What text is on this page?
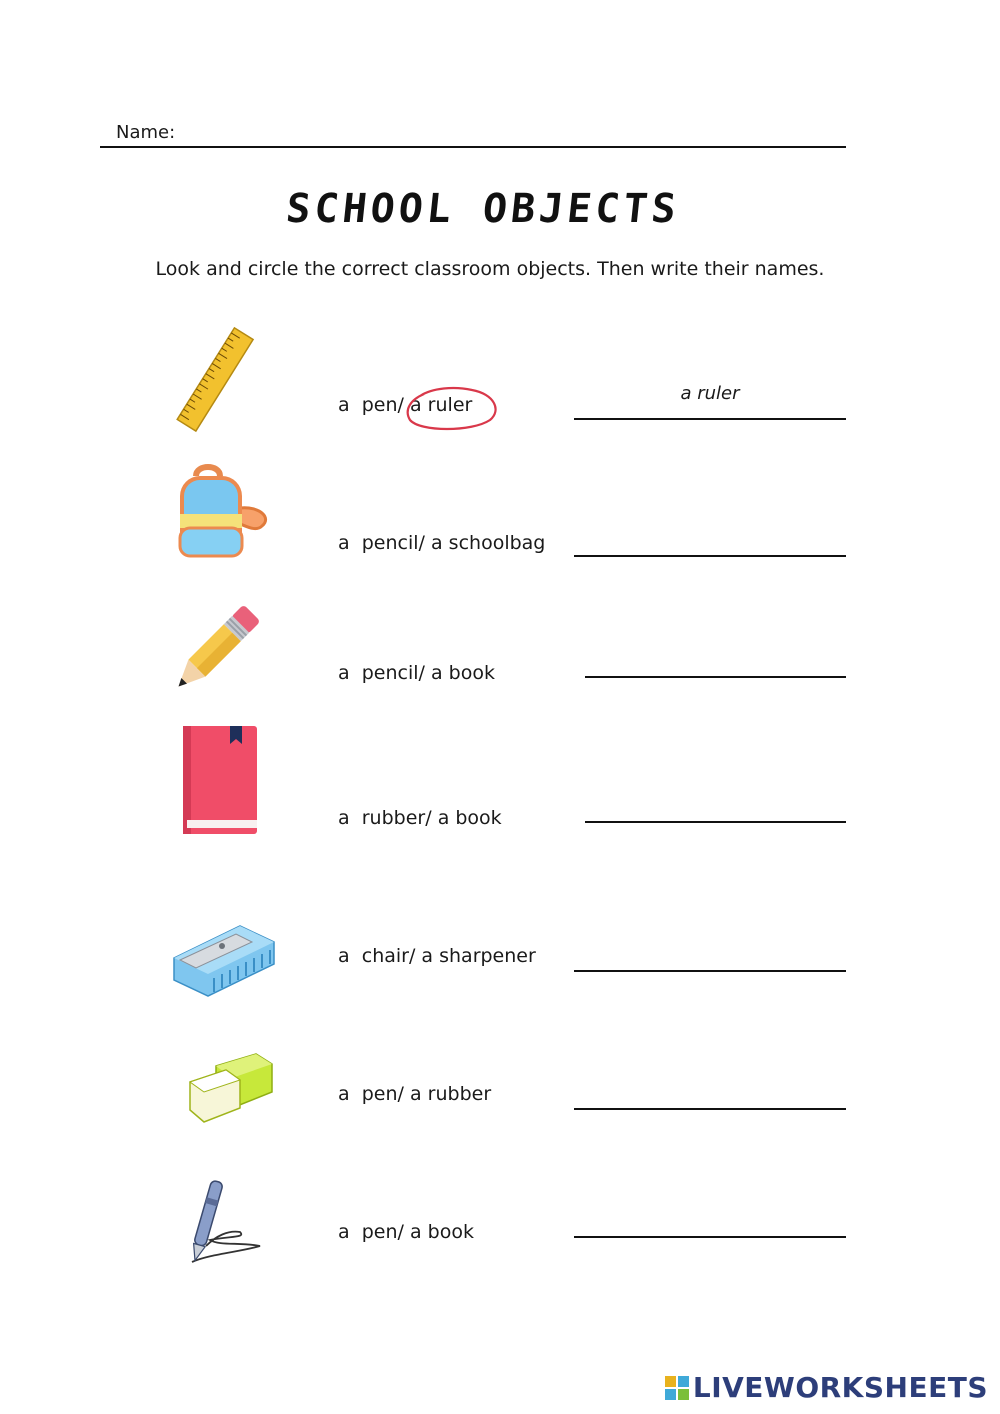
Name:
SCHOOL OBJECTS
Look and circle the correct classroom objects. Then write their names.
a pen/ a ruler
a ruler
a pencil/ a schoolbag
a pencil/ a book
a rubber/ a book
a chair/ a sharpener
a pen/ a rubber
a pen/ a book
LIVEWORKSHEETS
